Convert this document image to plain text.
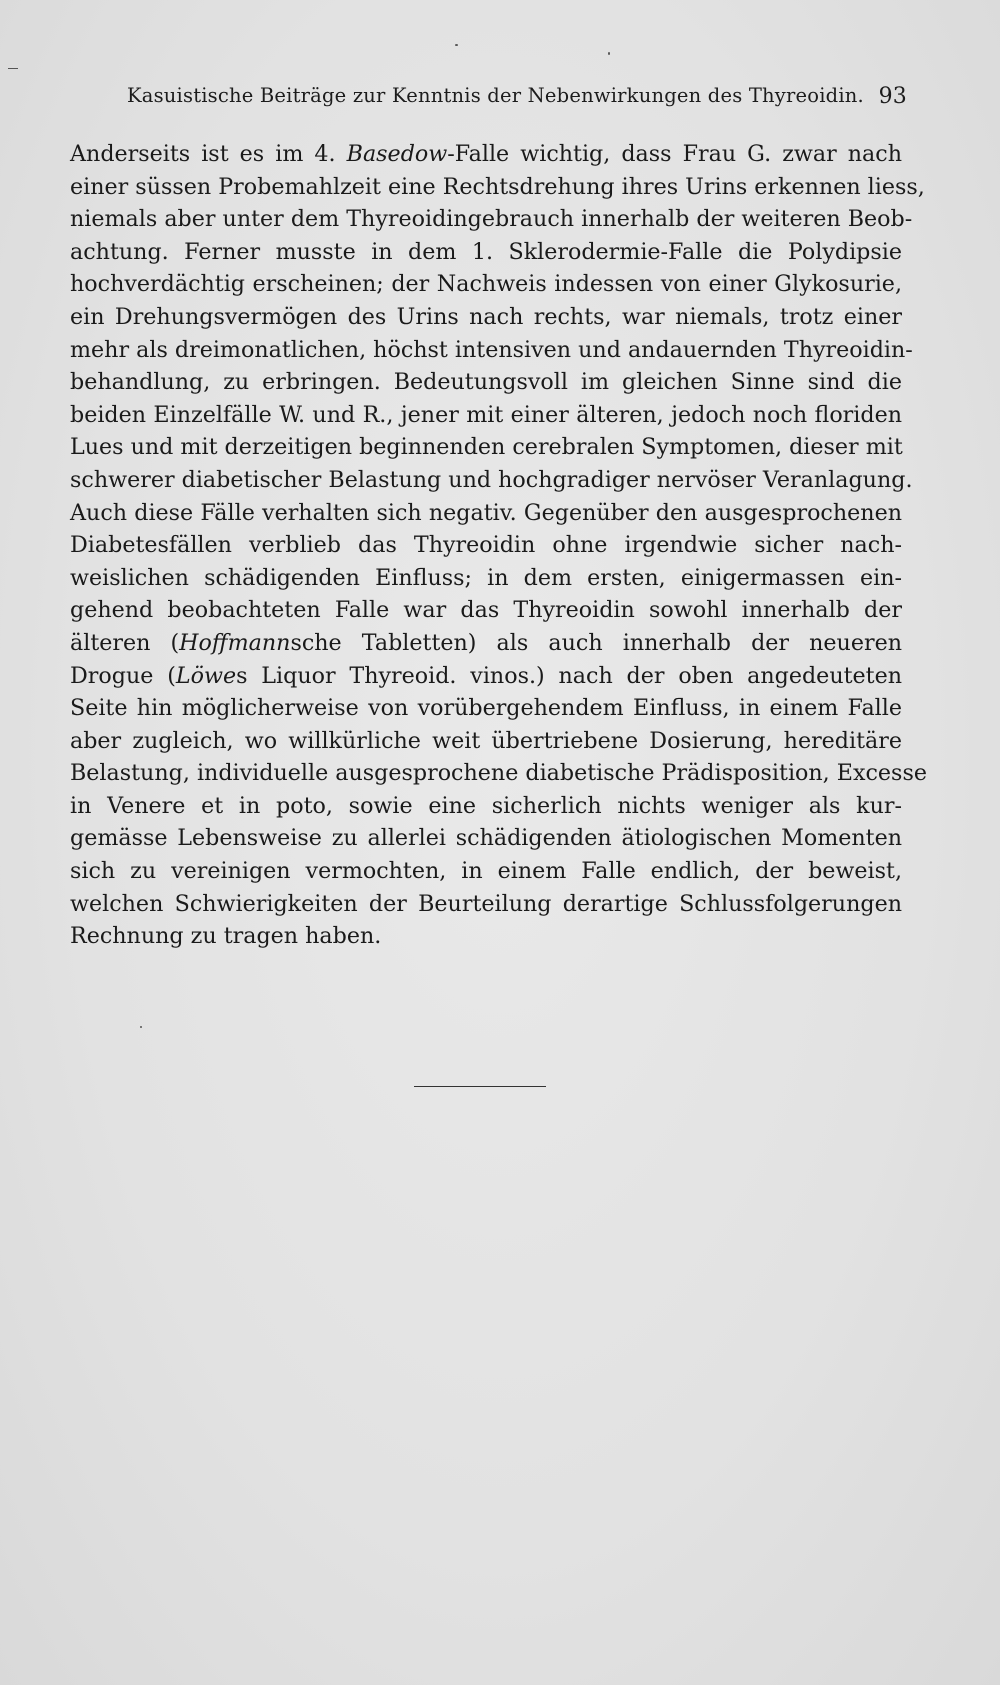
Kasuistische Beiträge zur Kenntnis der Nebenwirkungen des Thyreoidin. 93
Anderseits ist es im 4. Basedow-Falle wichtig, dass Frau G. zwar nach
einer süssen Probemahlzeit eine Rechtsdrehung ihres Urins erkennen liess,
niemals aber unter dem Thyreoidingebrauch innerhalb der weiteren Beob-
achtung. Ferner musste in dem 1. Sklerodermie-Falle die Polydipsie
hochverdächtig erscheinen; der Nachweis indessen von einer Glykosurie,
ein Drehungsvermögen des Urins nach rechts, war niemals, trotz einer
mehr als dreimonatlichen, höchst intensiven und andauernden Thyreoidin-
behandlung, zu erbringen. Bedeutungsvoll im gleichen Sinne sind die
beiden Einzelfälle W. und R., jener mit einer älteren, jedoch noch floriden
Lues und mit derzeitigen beginnenden cerebralen Symptomen, dieser mit
schwerer diabetischer Belastung und hochgradiger nervöser Veranlagung.
Auch diese Fälle verhalten sich negativ. Gegenüber den ausgesprochenen
Diabetesfällen verblieb das Thyreoidin ohne irgendwie sicher nach-
weislichen schädigenden Einfluss; in dem ersten, einigermassen ein-
gehend beobachteten Falle war das Thyreoidin sowohl innerhalb der
älteren (Hoffmannsche Tabletten) als auch innerhalb der neueren
Drogue (Löwes Liquor Thyreoid. vinos.) nach der oben angedeuteten
Seite hin möglicherweise von vorübergehendem Einfluss, in einem Falle
aber zugleich, wo willkürliche weit übertriebene Dosierung, hereditäre
Belastung, individuelle ausgesprochene diabetische Prädisposition, Excesse
in Venere et in poto, sowie eine sicherlich nichts weniger als kur-
gemässe Lebensweise zu allerlei schädigenden ätiologischen Momenten
sich zu vereinigen vermochten, in einem Falle endlich, der beweist,
welchen Schwierigkeiten der Beurteilung derartige Schlussfolgerungen
Rechnung zu tragen haben.
